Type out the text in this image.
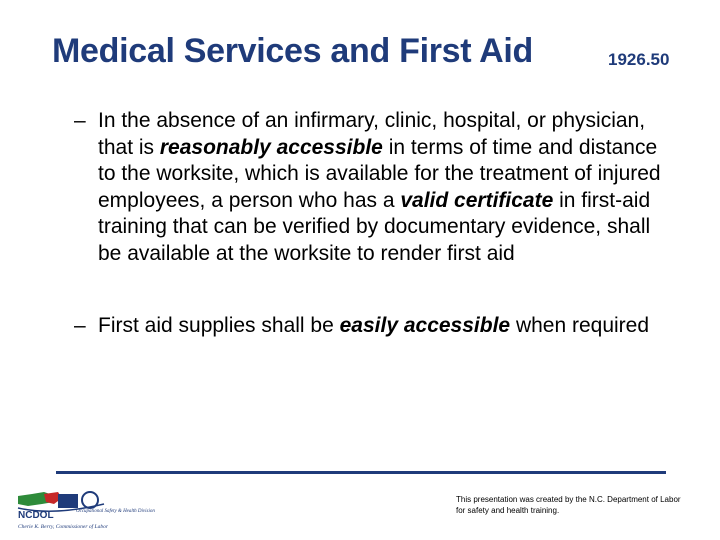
Medical Services and First Aid	1926.50
– In the absence of an infirmary, clinic, hospital, or physician, that is reasonably accessible in terms of time and distance to the worksite, which is available for the treatment of injured employees, a person who has a valid certificate in first-aid training that can be verified by documentary evidence, shall be available at the worksite to render first aid
– First aid supplies shall be easily accessible when required
NCDOL	Occupational Safety & Health Division
Cherie K. Berry, Commissioner of Labor
This presentation was created by the N.C. Department of Labor for safety and health training.
